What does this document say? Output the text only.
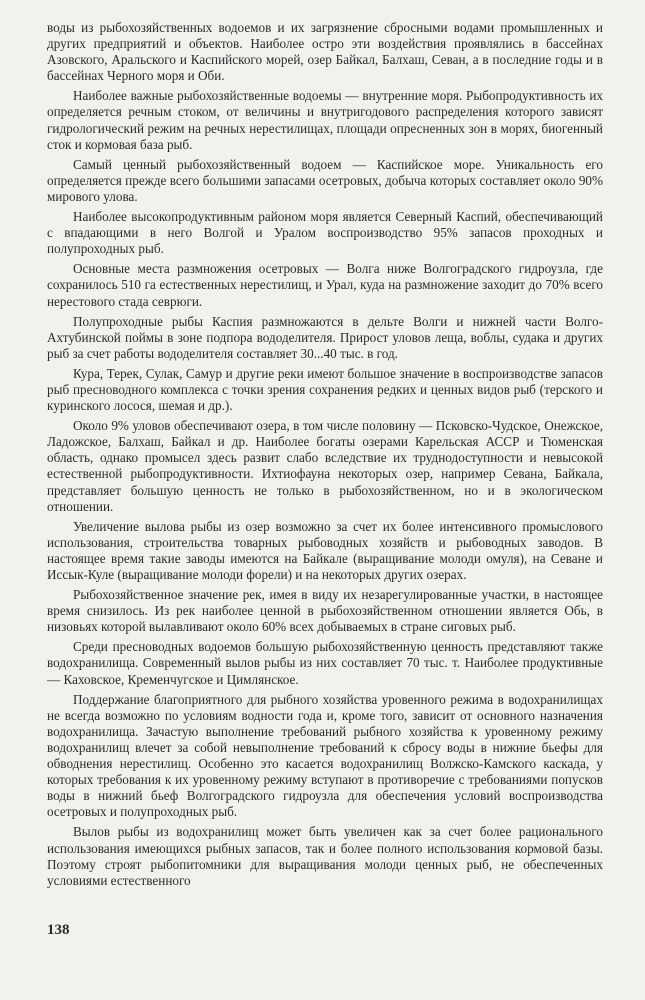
воды из рыбохозяйственных водоемов и их загрязнение сбросными водами промышленных и других предприятий и объектов. Наиболее остро эти воздействия проявлялись в бассейнах Азовского, Аральского и Каспийского морей, озер Байкал, Балхаш, Севан, а в последние годы и в бассейнах Черного моря и Оби.

Наиболее важные рыбохозяйственные водоемы — внутренние моря. Рыбопродуктивность их определяется речным стоком, от величины и внутригодового распределения которого зависят гидрологический режим на речных нерестилищах, площади опресненных зон в морях, биогенный сток и кормовая база рыб.

Самый ценный рыбохозяйственный водоем — Каспийское море. Уникальность его определяется прежде всего большими запасами осетровых, добыча которых составляет около 90% мирового улова.

Наиболее высокопродуктивным районом моря является Северный Каспий, обеспечивающий с впадающими в него Волгой и Уралом воспроизводство 95% запасов проходных и полупроходных рыб.

Основные места размножения осетровых — Волга ниже Волгоградского гидроузла, где сохранилось 510 га естественных нерестилищ, и Урал, куда на размножение заходит до 70% всего нерестового стада севрюги.

Полупроходные рыбы Каспия размножаются в дельте Волги и нижней части Волго-Ахтубинской поймы в зоне подпора вододелителя. Прирост уловов леща, воблы, судака и других рыб за счет работы вододелителя составляет 30...40 тыс. в год.

Кура, Терек, Сулак, Самур и другие реки имеют большое значение в воспроизводстве запасов рыб пресноводного комплекса с точки зрения сохранения редких и ценных видов рыб (терского и куринского лосося, шемая и др.).

Около 9% уловов обеспечивают озера, в том числе половину — Псковско-Чудское, Онежское, Ладожское, Балхаш, Байкал и др. Наиболее богаты озерами Карельская АССР и Тюменская область, однако промысел здесь развит слабо вследствие их труднодоступности и невысокой естественной рыбопродуктивности. Ихтиофауна некоторых озер, например Севана, Байкала, представляет большую ценность не только в рыбохозяйственном, но и в экологическом отношении.

Увеличение вылова рыбы из озер возможно за счет их более интенсивного промыслового использования, строительства товарных рыбоводных хозяйств и рыбоводных заводов. В настоящее время такие заводы имеются на Байкале (выращивание молоди омуля), на Севане и Иссык-Куле (выращивание молоди форели) и на некоторых других озерах.

Рыбохозяйственное значение рек, имея в виду их незарегулированные участки, в настоящее время снизилось. Из рек наиболее ценной в рыбохозяйственном отношении является Обь, в низовьях которой вылавливают около 60% всех добываемых в стране сиговых рыб.

Среди пресноводных водоемов большую рыбохозяйственную ценность представляют также водохранилища. Современный вылов рыбы из них составляет 70 тыс. т. Наиболее продуктивные — Каховское, Кременчугское и Цимлянское.

Поддержание благоприятного для рыбного хозяйства уровенного режима в водохранилищах не всегда возможно по условиям водности года и, кроме того, зависит от основного назначения водохранилища. Зачастую выполнение требований рыбного хозяйства к уровенному режиму водохранилищ влечет за собой невыполнение требований к сбросу воды в нижние бьефы для обводнения нерестилищ. Особенно это касается водохранилищ Волжско-Камского каскада, у которых требования к их уровенному режиму вступают в противоречие с требованиями попусков воды в нижний бьеф Волгоградского гидроузла для обеспечения условий воспроизводства осетровых и полупроходных рыб.

Вылов рыбы из водохранилищ может быть увеличен как за счет более рационального использования имеющихся рыбных запасов, так и более полного использования кормовой базы. Поэтому строят рыбопитомники для выращивания молоди ценных рыб, не обеспеченных условиями естественного

138
